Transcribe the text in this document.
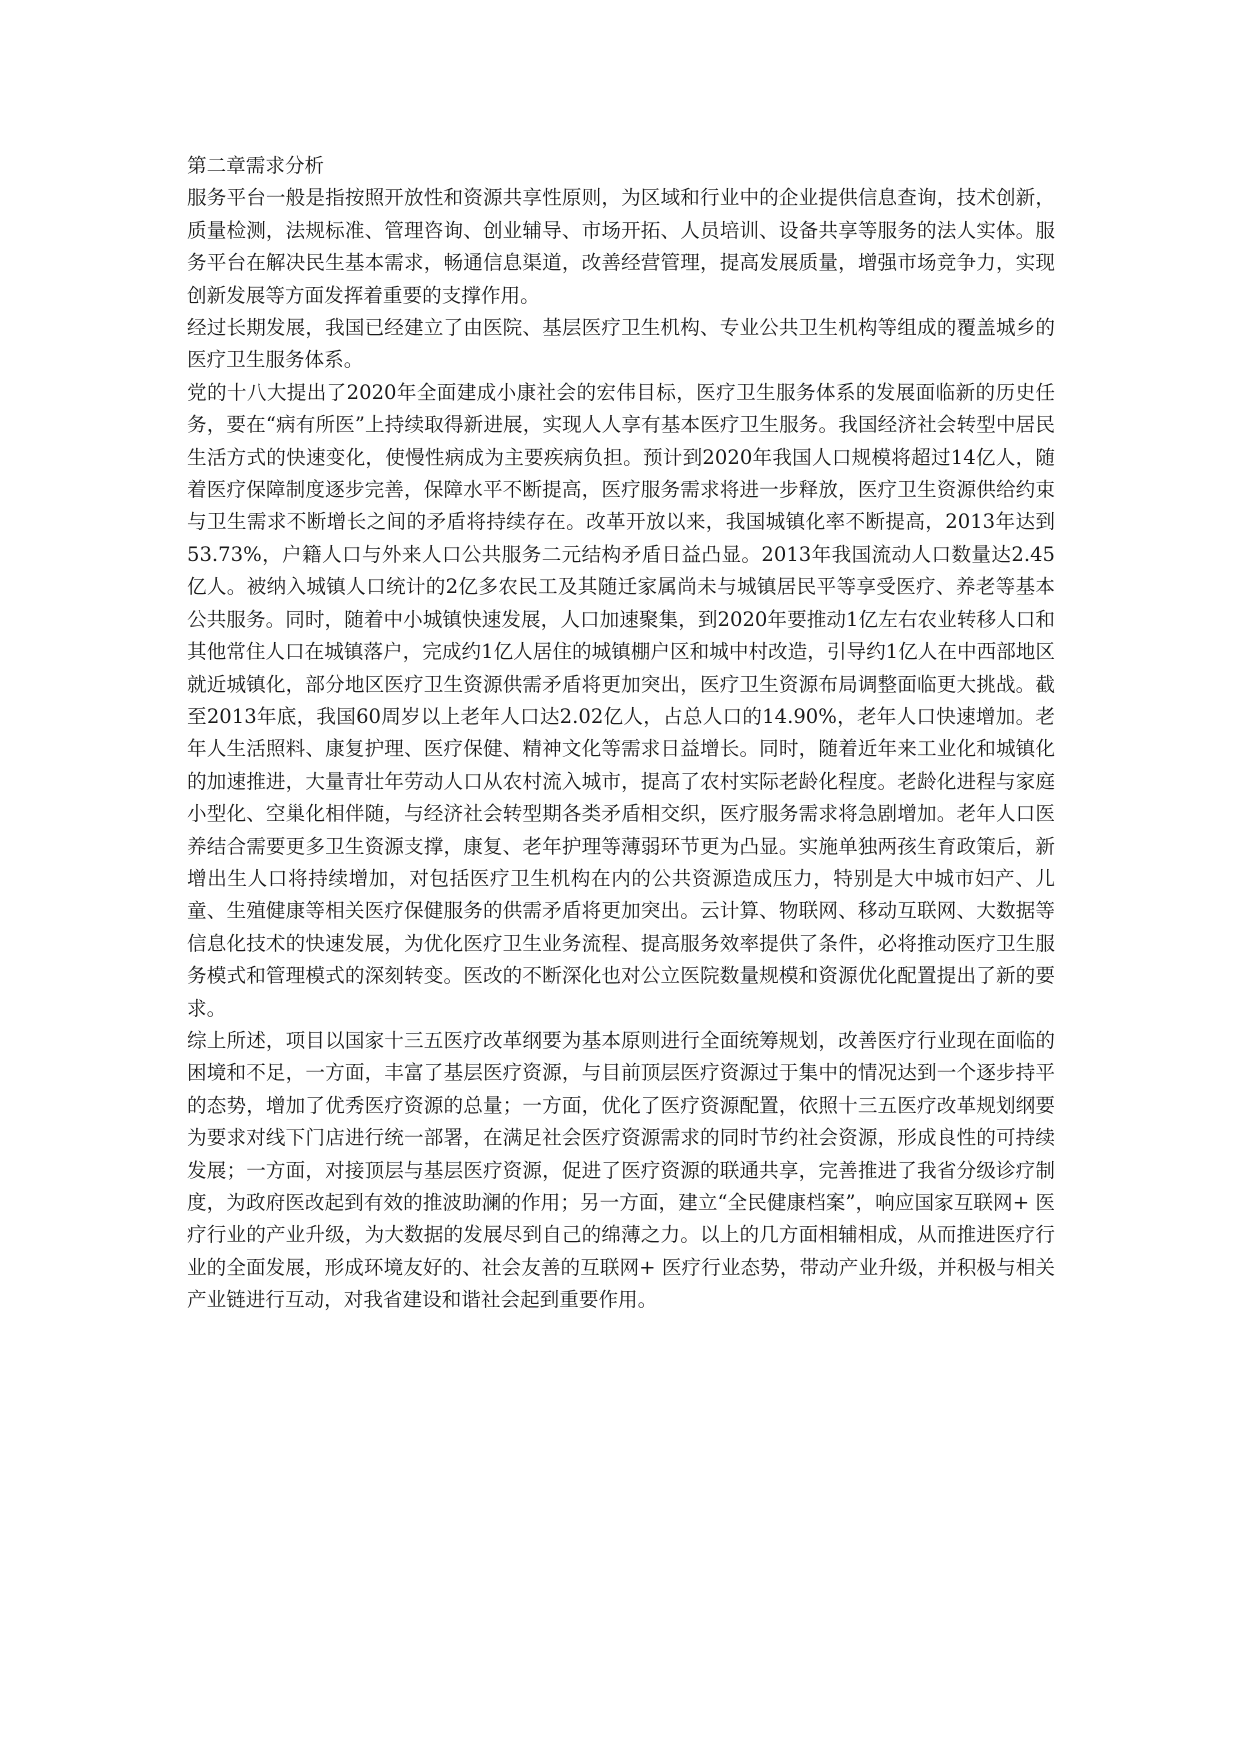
第二章需求分析

服务平台一般是指按照开放性和资源共享性原则，为区域和行业中的企业提供信息查询，技术创新，质量检测，法规标准、管理咨询、创业辅导、市场开拓、人员培训、设备共享等服务的法人实体。服务平台在解决民生基本需求，畅通信息渠道，改善经营管理，提高发展质量，增强市场竞争力，实现创新发展等方面发挥着重要的支撑作用。

经过长期发展，我国已经建立了由医院、基层医疗卫生机构、专业公共卫生机构等组成的覆盖城乡的医疗卫生服务体系。

党的十八大提出了2020年全面建成小康社会的宏伟目标，医疗卫生服务体系的发展面临新的历史任务，要在“病有所医”上持续取得新进展，实现人人享有基本医疗卫生服务。我国经济社会转型中居民生活方式的快速变化，使慢性病成为主要疾病负担。预计到2020年我国人口规模将超过14亿人，随着医疗保障制度逐步完善，保障水平不断提高，医疗服务需求将进一步释放，医疗卫生资源供给约束与卫生需求不断增长之间的矛盾将持续存在。改革开放以来，我国城镇化率不断提高，2013年达到53.73%，户籍人口与外来人口公共服务二元结构矛盾日益凸显。2013年我国流动人口数量达2.45亿人。被纳入城镇人口统计的2亿多农民工及其随迁家属尚未与城镇居民平等享受医疗、养老等基本公共服务。同时，随着中小城镇快速发展，人口加速聚集，到2020年要推动1亿左右农业转移人口和其他常住人口在城镇落户，完成约1亿人居住的城镇棚户区和城中村改造，引导约1亿人在中西部地区就近城镇化，部分地区医疗卫生资源供需矛盾将更加突出，医疗卫生资源布局调整面临更大挑战。截至2013年底，我国60周岁以上老年人口达2.02亿人，占总人口的14.90%，老年人口快速增加。老年人生活照料、康复护理、医疗保健、精神文化等需求日益增长。同时，随着近年来工业化和城镇化的加速推进，大量青壮年劳动人口从农村流入城市，提高了农村实际老龄化程度。老龄化进程与家庭小型化、空巢化相伴随，与经济社会转型期各类矛盾相交织，医疗服务需求将急剧增加。老年人口医养结合需要更多卫生资源支撑，康复、老年护理等薄弱环节更为凸显。实施单独两孩生育政策后，新增出生人口将持续增加，对包括医疗卫生机构在内的公共资源造成压力，特别是大中城市妇产、儿童、生殖健康等相关医疗保健服务的供需矛盾将更加突出。云计算、物联网、移动互联网、大数据等信息化技术的快速发展，为优化医疗卫生业务流程、提高服务效率提供了条件，必将推动医疗卫生服务模式和管理模式的深刻转变。医改的不断深化也对公立医院数量规模和资源优化配置提出了新的要求。

综上所述，项目以国家十三五医疗改革纲要为基本原则进行全面统筹规划，改善医疗行业现在面临的困境和不足，一方面，丰富了基层医疗资源，与目前顶层医疗资源过于集中的情况达到一个逐步持平的态势，增加了优秀医疗资源的总量；一方面，优化了医疗资源配置，依照十三五医疗改革规划纲要为要求对线下门店进行统一部署，在满足社会医疗资源需求的同时节约社会资源，形成良性的可持续发展；一方面，对接顶层与基层医疗资源，促进了医疗资源的联通共享，完善推进了我省分级诊疗制度，为政府医改起到有效的推波助澜的作用；另一方面，建立“全民健康档案”，响应国家互联网+ 医疗行业的产业升级，为大数据的发展尽到自己的绵薄之力。以上的几方面相辅相成，从而推进医疗行业的全面发展，形成环境友好的、社会友善的互联网+ 医疗行业态势，带动产业升级，并积极与相关产业链进行互动，对我省建设和谐社会起到重要作用。
